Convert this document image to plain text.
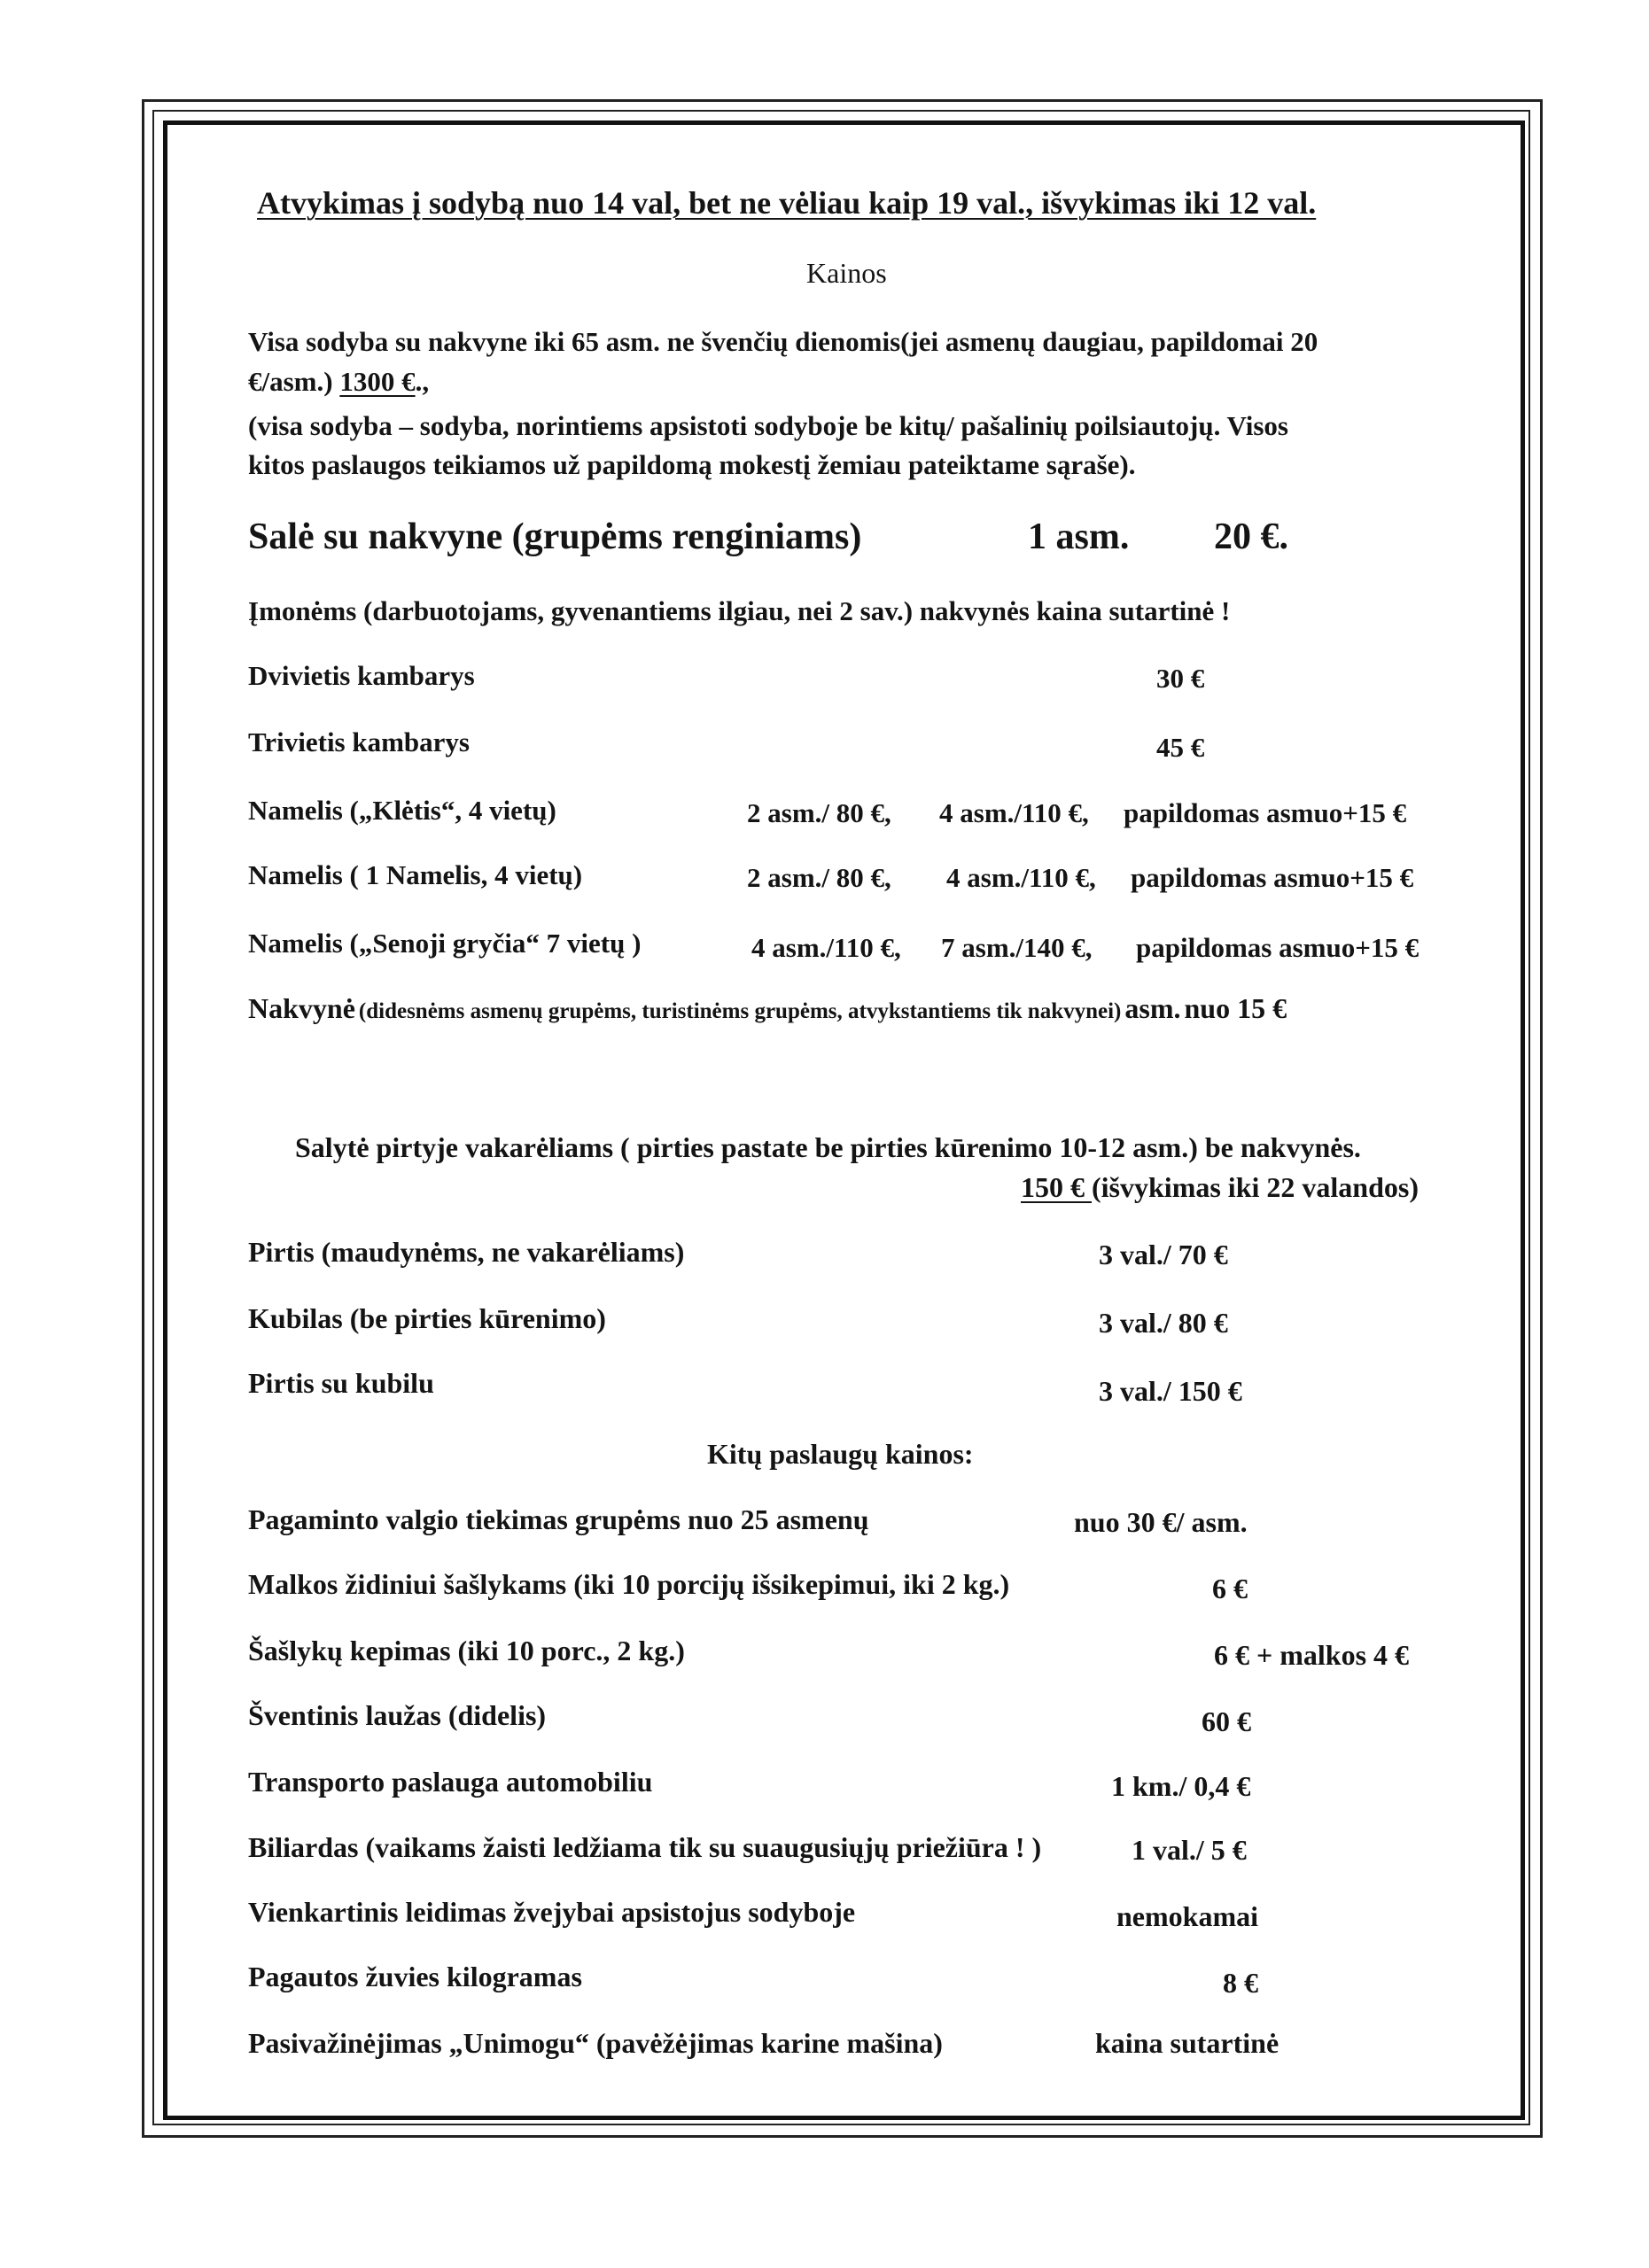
Atvykimas į sodybą nuo 14 val, bet ne vėliau kaip 19 val., išvykimas iki 12 val.
Kainos
Visa sodyba su nakvyne iki 65 asm. ne švenčių dienomis(jei asmenų daugiau, papildomai 20
€/asm.) 1300 €.,
(visa sodyba – sodyba, norintiems apsistoti sodyboje be kitų/ pašalinių poilsiautojų. Visos
kitos paslaugos teikiamos už papildomą mokestį žemiau pateiktame sąraše).
Salė su nakvyne (grupėms renginiams)	1 asm. 20 €.
Įmonėms (darbuotojams, gyvenantiems ilgiau, nei 2 sav.) nakvynės kaina sutartinė !
Dvivietis kambarys	30 €
Trivietis kambarys	45 €
Namelis („Klėtis“, 4 vietų)	2 asm./ 80 €, 4 asm./110 €, papildomas asmuo+15 €
Namelis ( 1 Namelis, 4 vietų)	2 asm./ 80 €, 4 asm./110 €, papildomas asmuo+15 €
Namelis („Senoji gryčia“ 7 vietų )	4 asm./110 €, 7 asm./140 €, papildomas asmuo+15 €
Nakvynė (didesnėms asmenų grupėms, turistinėms grupėms, atvykstantiems tik nakvynei) asm. nuo 15 €
Salytė pirtyje vakarėliams ( pirties pastate be pirties kūrenimo 10-12 asm.) be nakvynės.
150 € (išvykimas iki 22 valandos)
Pirtis (maudynėms, ne vakarėliams)	3 val./ 70 €
Kubilas (be pirties kūrenimo)	3 val./ 80 €
Pirtis su kubilu	3 val./ 150 €
Kitų paslaugų kainos:
Pagaminto valgio tiekimas grupėms nuo 25 asmenų	nuo 30 €/ asm.
Malkos židiniui šašlykams (iki 10 porcijų išsikepimui, iki 2 kg.)	6 €
Šašlykų kepimas (iki 10 porc., 2 kg.)	6 € + malkos 4 €
Šventinis laužas (didelis)	60 €
Transporto paslauga automobiliu	1 km./ 0,4 €
Biliardas (vaikams žaisti ledžiama tik su suaugusiųjų priežiūra ! )	1 val./ 5 €
Vienkartinis leidimas žvejybai apsistojus sodyboje	nemokamai
Pagautos žuvies kilogramas	8 €
Pasivažinėjimas „Unimogu“ (pavėžėjimas karine mašina)	kaina sutartinė
